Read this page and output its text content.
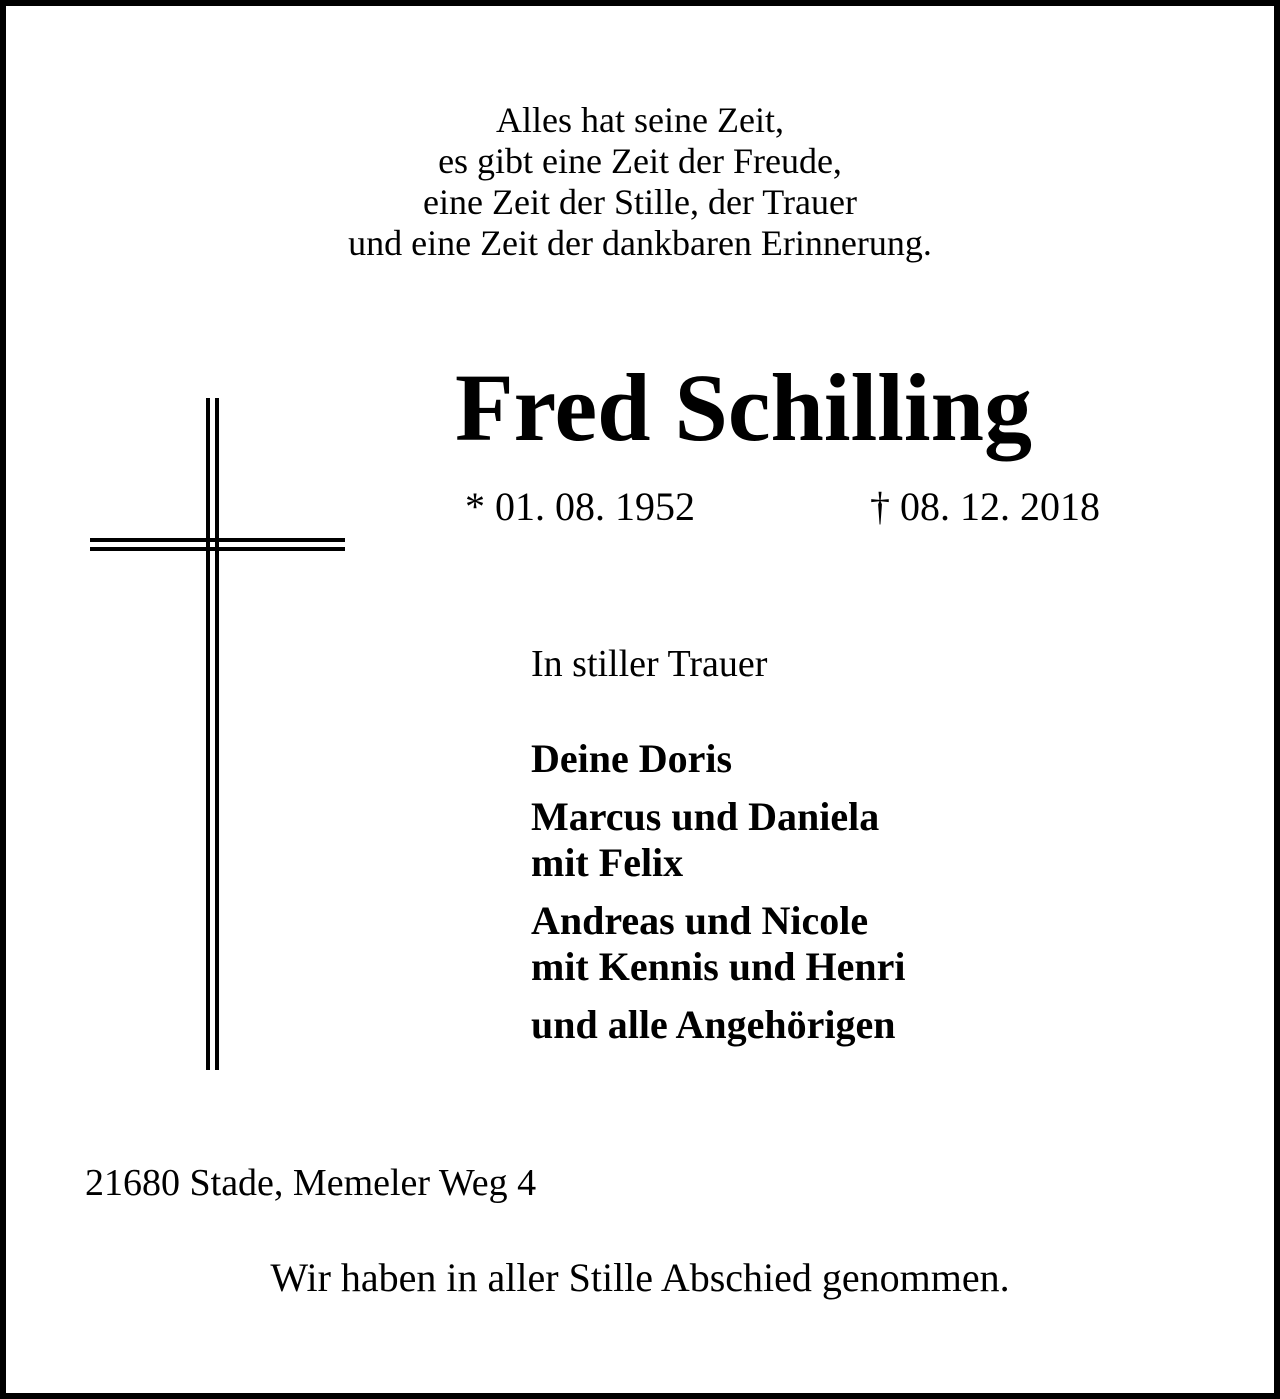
Alles hat seine Zeit,
es gibt eine Zeit der Freude,
eine Zeit der Stille, der Trauer
und eine Zeit der dankbaren Erinnerung.
Fred Schilling
* 01. 08. 1952	† 08. 12. 2018
In stiller Trauer
Deine Doris
Marcus und Daniela
mit Felix
Andreas und Nicole
mit Kennis und Henri
und alle Angehörigen
21680 Stade, Memeler Weg 4
Wir haben in aller Stille Abschied genommen.
